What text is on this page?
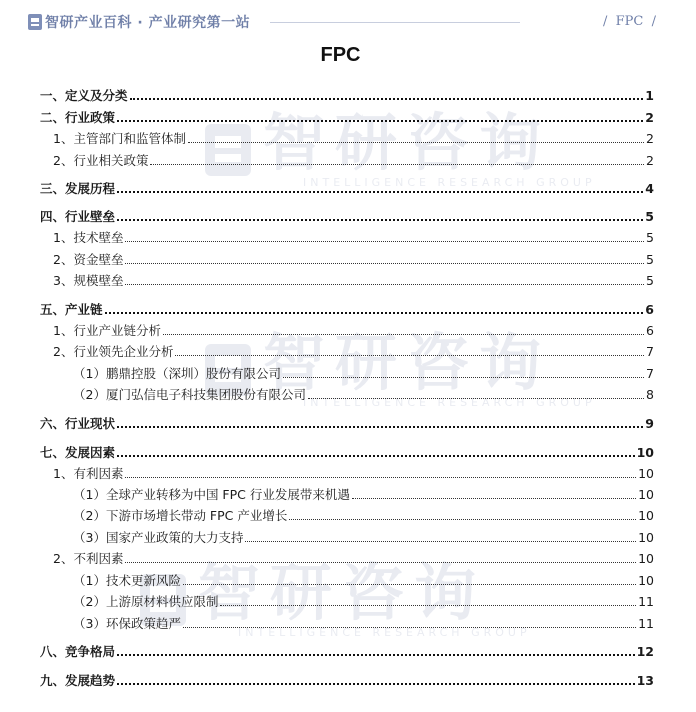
智研产业百科 · 产业研究第一站	/  FPC  /
智研咨询
INTELLIGENCE RESEARCH GROUP
智研咨询
INTELLIGENCE RESEARCH GROUP
智研咨询
INTELLIGENCE RESEARCH GROUP
FPC
一、定义及分类	1
二、行业政策	2
1、主管部门和监管体制	2
2、行业相关政策	2
三、发展历程	4
四、行业壁垒	5
1、技术壁垒	5
2、资金壁垒	5
3、规模壁垒	5
五、产业链	6
1、行业产业链分析	6
2、行业领先企业分析	7
（1）鹏鼎控股（深圳）股份有限公司	7
（2）厦门弘信电子科技集团股份有限公司	8
六、行业现状	9
七、发展因素	10
1、有利因素	10
（1）全球产业转移为中国 FPC 行业发展带来机遇	10
（2）下游市场增长带动 FPC 产业增长	10
（3）国家产业政策的大力支持	10
2、不利因素	10
（1）技术更新风险	10
（2）上游原材料供应限制	11
（3）环保政策趋严	11
八、竞争格局	12
九、发展趋势	13
